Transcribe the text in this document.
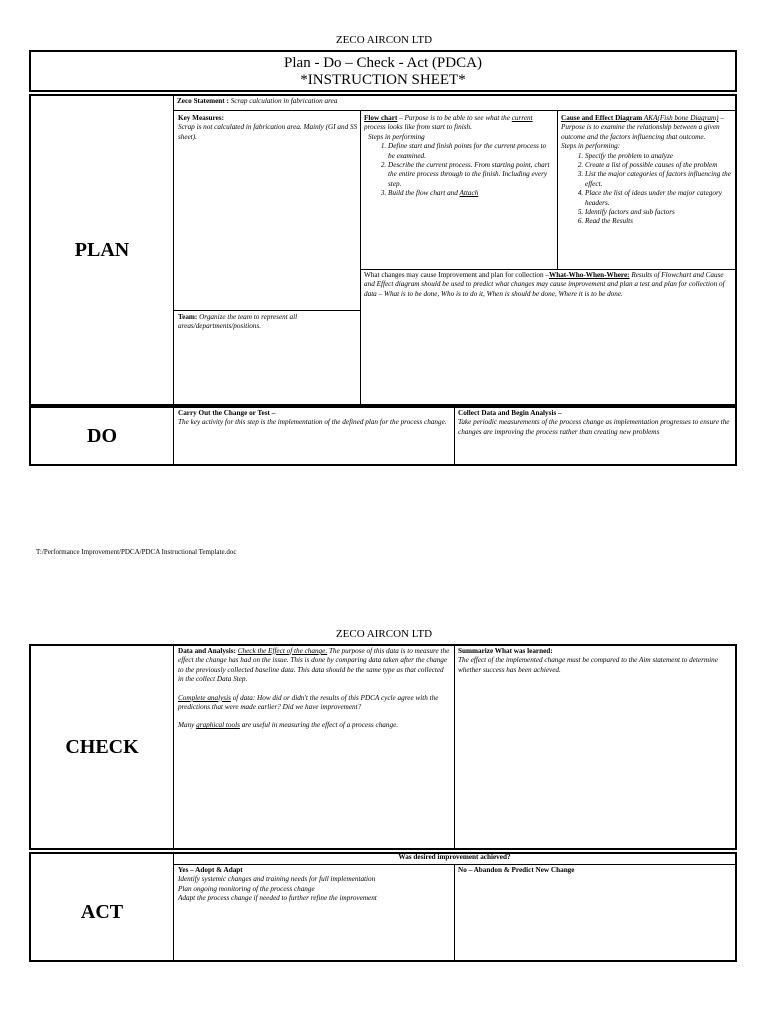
ZECO AIRCON LTD
Plan - Do – Check - Act (PDCA)
*INSTRUCTION SHEET*
PLAN
Zeco Statement : Scrap calculation in fabrication area

Key Measures:

Scrap is not calculated in fabrication area. Mainly (GI and SS sheet).

Team: Organize the team to represent all areas/departments/positions.

Flow chart – Purpose is to be able to see what the current process looks like from start to finish.

Steps in performing

1. Define start and finish points for the current process to be examined.
2. Describe the current process. From starting point, chart the entire process through to the finish. Including every step.
3. Build the flow chart and Attach

Cause and Effect Diagram AKA(Fish bone Diagram) – Purpose is to examine the relationship between a given outcome and the factors influencing that outcome.

Steps in performing:

1. Specify the problem to analyze
2. Create a list of possible causes of the problem
3. List the major categories of factors influencing the effect.
4. Place the list of ideas under the major category headers.
5. Identify factors and sub factors
6. Read the Results
What changes may cause Improvement and plan for collection –What-Who-When-Where: Results of Flowchart and Cause and Effect diagram should be used to predict what changes may cause improvement and plan a test and plan for collection of data – What is to be done, Who is to do it, When is should be done, Where it is to be done.
DO

Carry Out the Change or Test –

The key activity for this step is the implementation of the defined plan for the process change.

Collect Data and Begin Analysis –

Take periodic measurements of the process change as implementation progresses to ensure the changes are improving the process rather than creating new problems

T:/Performance Improvement/PDCA/PDCA Instructional Template.doc
ZECO AIRCON LTD
CHECK

Data and Analysis: Check the Effect of the change. The purpose of this data is to measure the effect the change has had on the issue. This is done by comparing data taken after the change to the previously collected baseline data. This data should be the same type as that collected in the collect Data Step.

Complete analysis of data: How did or didn't the results of this PDCA cycle agree with the predictions that were made earlier? Did we have improvement?

Many graphical tools are useful in measuring the effect of a process change.

Summarize What was learned:

The effect of the implemented change must be compared to the Aim statement to determine whether success has been achieved.

ACT
Was desired improvement achieved?

Yes – Adopt & Adapt

Identify systemic changes and training needs for full implementation

Plan ongoing monitoring of the process change

Adapt the process change if needed to further refine the improvement

No – Abandon & Predict New Change
